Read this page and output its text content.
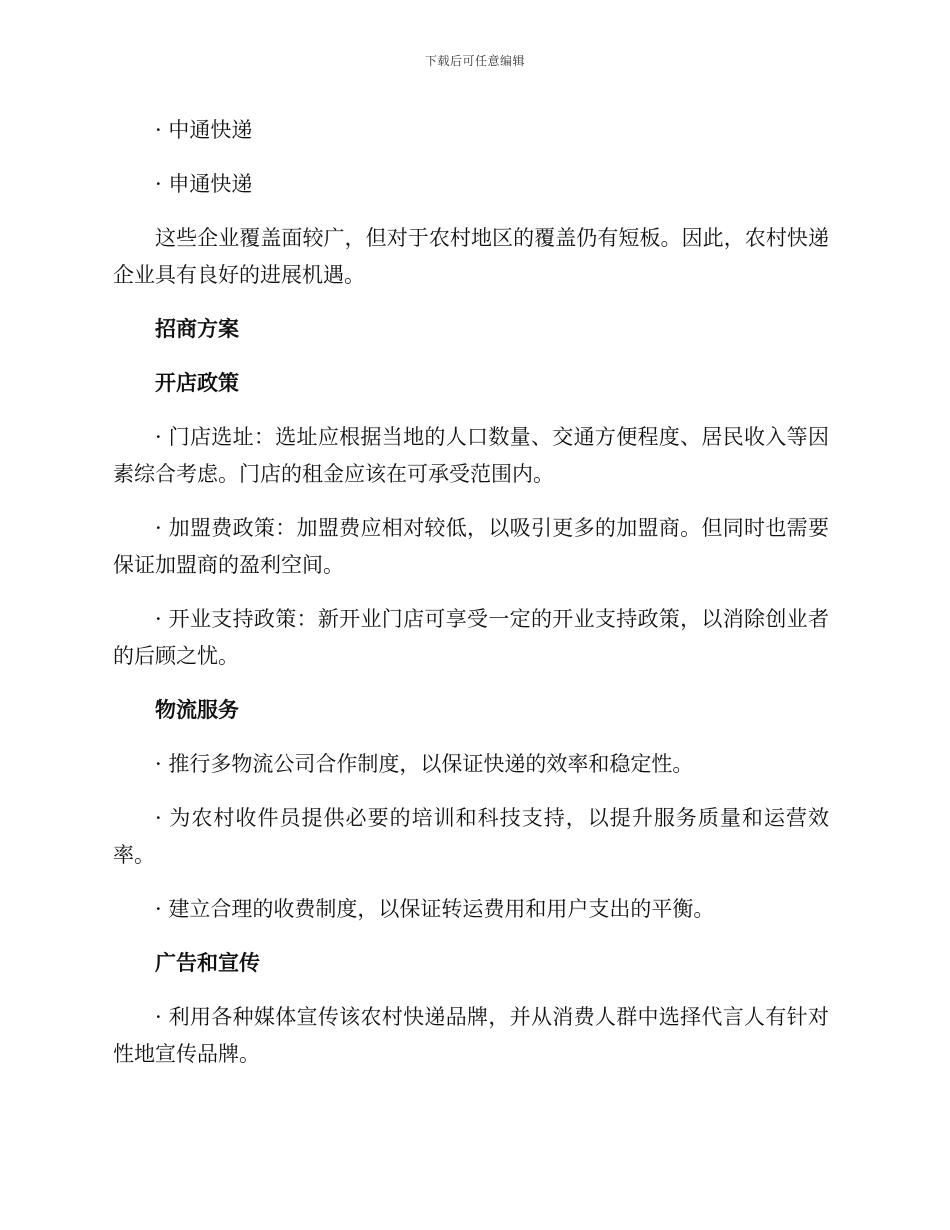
下载后可任意编辑

· 中通快递

· 申通快递

这些企业覆盖面较广，但对于农村地区的覆盖仍有短板。因此，农村快递企业具有良好的进展机遇。

招商方案

开店政策

· 门店选址：选址应根据当地的人口数量、交通方便程度、居民收入等因素综合考虑。门店的租金应该在可承受范围内。

· 加盟费政策：加盟费应相对较低，以吸引更多的加盟商。但同时也需要保证加盟商的盈利空间。

· 开业支持政策：新开业门店可享受一定的开业支持政策，以消除创业者的后顾之忧。

物流服务

· 推行多物流公司合作制度，以保证快递的效率和稳定性。

· 为农村收件员提供必要的培训和科技支持，以提升服务质量和运营效率。

· 建立合理的收费制度，以保证转运费用和用户支出的平衡。

广告和宣传

· 利用各种媒体宣传该农村快递品牌，并从消费人群中选择代言人有针对性地宣传品牌。
